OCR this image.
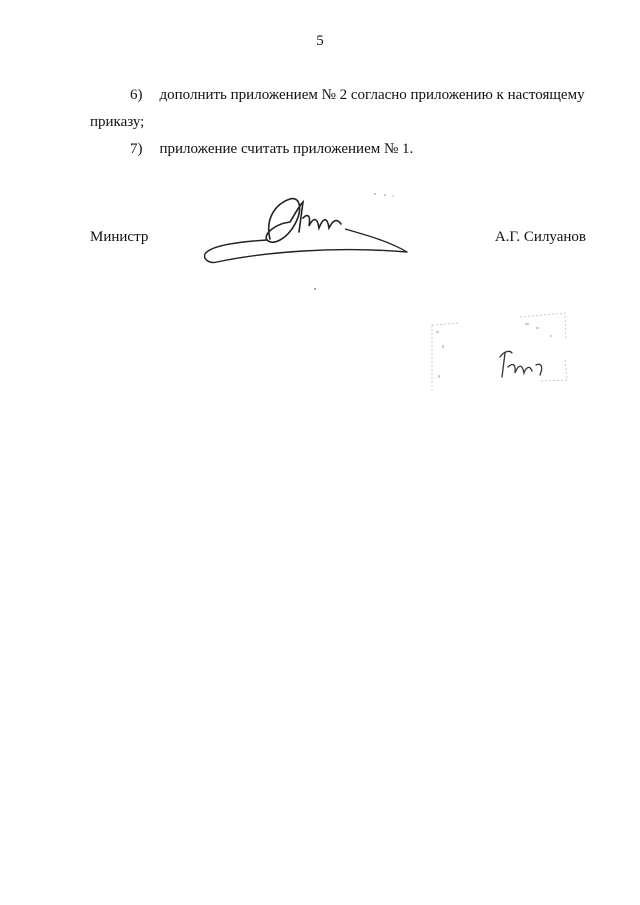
5
6) дополнить приложением № 2 согласно приложению к настоящему
приказу;
7) приложение считать приложением № 1.
Министр	А.Г. Силуанов
